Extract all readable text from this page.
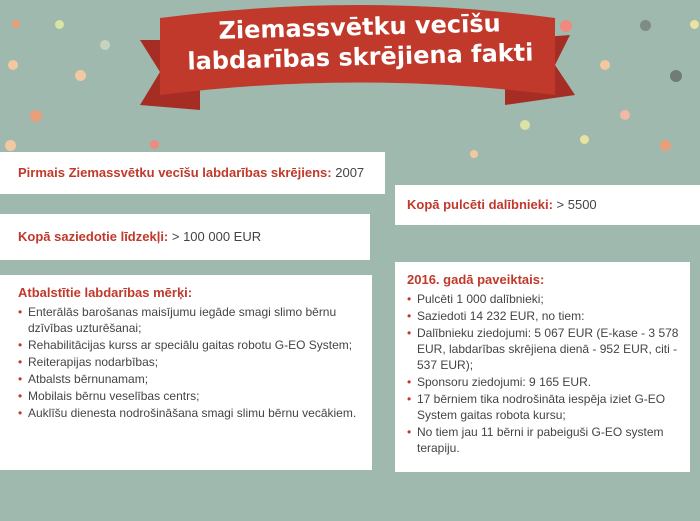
Ziemassvētku vecīšu
labdarības skrējiena fakti
Pirmais Ziemassvētku vecīšu labdarības skrējiens: 2007
Kopā pulcēti dalībnieki: > 5500
Kopā saziedotie līdzekļi: > 100 000 EUR
Atbalstītie labdarības mērķi:
• Enterālās barošanas maisījumu iegāde smagi slimo bērnu dzīvības uzturēšanai;
• Rehabilitācijas kurss ar speciālu gaitas robotu G-EO System;
• Reiterapijas nodarbības;
• Atbalsts bērnunamam;
• Mobilais bērnu veselības centrs;
• Auklīšu dienesta nodrošināšana smagi slimu bērnu vecākiem.
2016. gadā paveiktais:
• Pulcēti 1 000 dalībnieki;
• Saziedoti 14 232 EUR, no tiem:
• Dalībnieku ziedojumi: 5 067 EUR (E-kase - 3 578 EUR, labdarības skrējiena dienā - 952 EUR, citi - 537 EUR);
• Sponsoru ziedojumi: 9 165 EUR.
• 17 bērniem tika nodrošināta iespēja iziet G-EO System gaitas robota kursu;
• No tiem jau 11 bērni ir pabeiguši G-EO system terapiju.
